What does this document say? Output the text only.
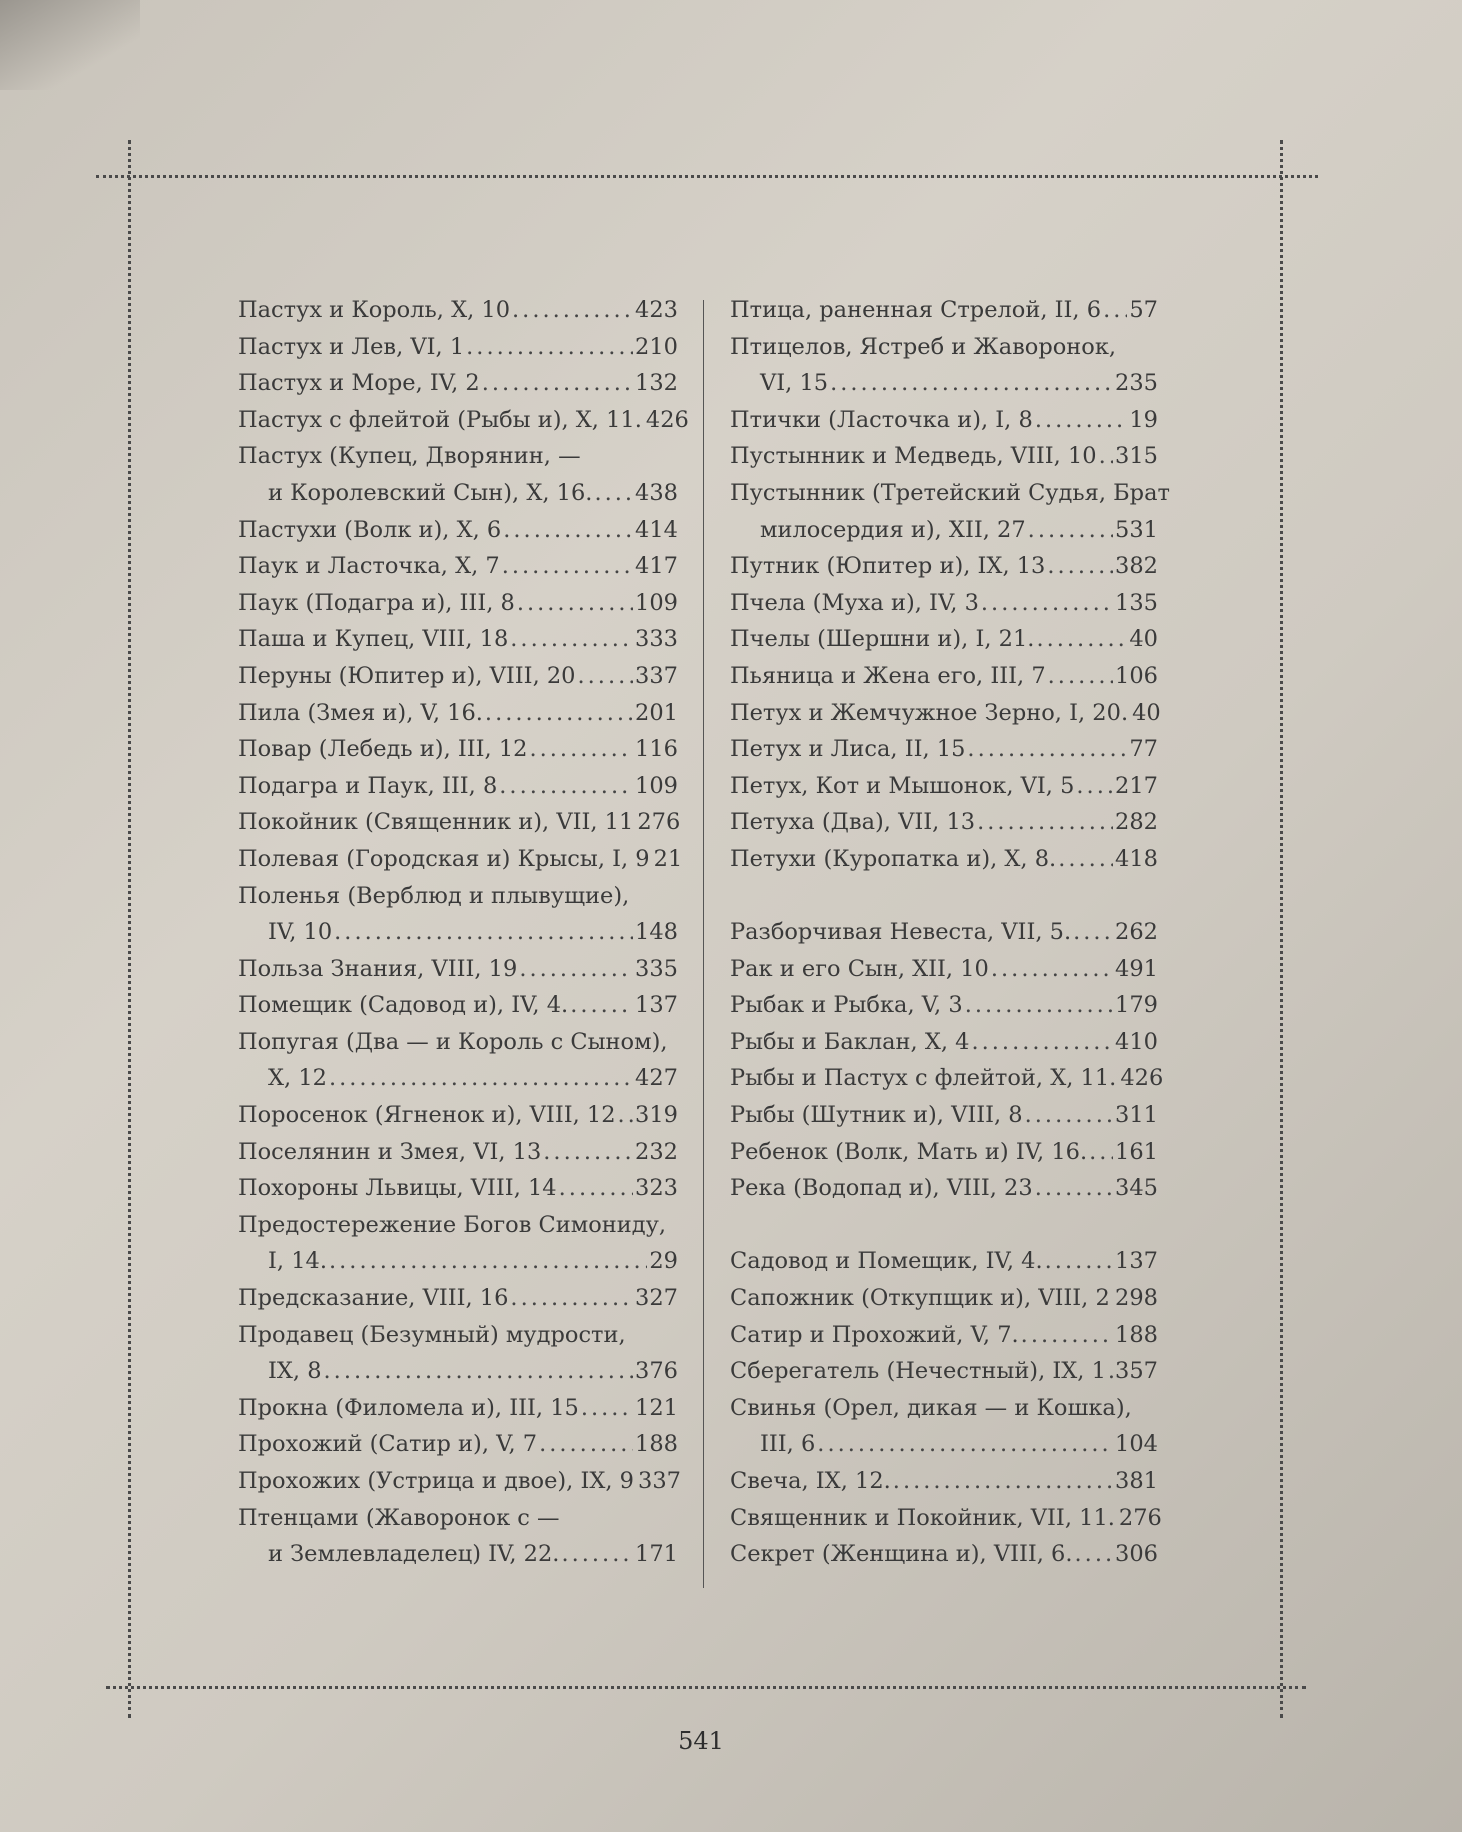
Пастух и Король, X, 10 .....	423
Пастух и Лев, VI, 1 .....	210
Пастух и Море, IV, 2 .....	132
Пастух с флейтой (Рыбы и), X, 11. 426
Пастух (Купец, Дворянин, —
и Королевский Сын), X, 16. ..... 438
Пастухи (Волк и), X, 6 .....	414
Паук и Ласточка, X, 7 .....	417
Паук (Подагра и), III, 8 .....	109
Паша и Купец, VIII, 18 .....	333
Перуны (Юпитер и), VIII, 20 .....	337
Пила (Змея и), V, 16. .....	201
Повар (Лебедь и), III, 12 .....	116
Подагра и Паук, III, 8 .....	109
Покойник (Священник и), VII, 11 276
Полевая (Городская и) Крысы, I, 9 21
Поленья (Верблюд и плывущие),
IV, 10 .....	148
Польза Знания, VIII, 19 .....	335
Помещик (Садовод и), IV, 4. .....	137
Попугая (Два — и Король с Сыном),
X, 12 .....	427
Поросенок (Ягненок и), VIII, 12 ..... 319
Поселянин и Змея, VI, 13 .....	232
Похороны Львицы, VIII, 14 .....	323
Предостережение Богов Симониду,
I, 14. .....	29
Предсказание, VIII, 16 .....	327
Продавец (Безумный) мудрости,
IX, 8 .....	376
Прокна (Филомела и), III, 15 ..... 121
Прохожий (Сатир и), V, 7 .....	188
Прохожих (Устрица и двое), IX, 9 337
Птенцами (Жаворонок с —
и Землевладелец) IV, 22. .....	171
Птица, раненная Стрелой, II, 6 ..... 57
Птицелов, Ястреб и Жаворонок,
VI, 15 .....	235
Птички (Ласточка и), I, 8 .....	19
Пустынник и Медведь, VIII, 10 ..... 315
Пустынник (Третейский Судья, Брат
милосердия и), XII, 27 .....	531
Путник (Юпитер и), IX, 13 .....	382
Пчела (Муха и), IV, 3 .....	135
Пчелы (Шершни и), I, 21. .....	40
Пьяница и Жена его, III, 7 .....	106
Петух и Жемчужное Зерно, I, 20. 40
Петух и Лиса, II, 15 .....	77
Петух, Кот и Мышонок, VI, 5 ..... 217
Петуха (Два), VII, 13 .....	282
Петухи (Куропатка и), X, 8. .....	418
Разборчивая Невеста, VII, 5. ..... 262
Рак и его Сын, XII, 10 .....	491
Рыбак и Рыбка, V, 3 .....	179
Рыбы и Баклан, X, 4 .....	410
Рыбы и Пастух с флейтой, X, 11. 426
Рыбы (Шутник и), VIII, 8 .....	311
Ребенок (Волк, Мать и) IV, 16. ..... 161
Река (Водопад и), VIII, 23 .....	345
Садовод и Помещик, IV, 4. .....	137
Сапожник (Откупщик и), VIII, 2 ..... 298
Сатир и Прохожий, V, 7. .....	188
Сберегатель (Нечестный), IX, 1 ..... 357
Свинья (Орел, дикая — и Кошка),
III, 6 .....	104
Свеча, IX, 12. .....	381
Священник и Покойник, VII, 11. 276
Секрет (Женщина и), VIII, 6. ..... 306
541
